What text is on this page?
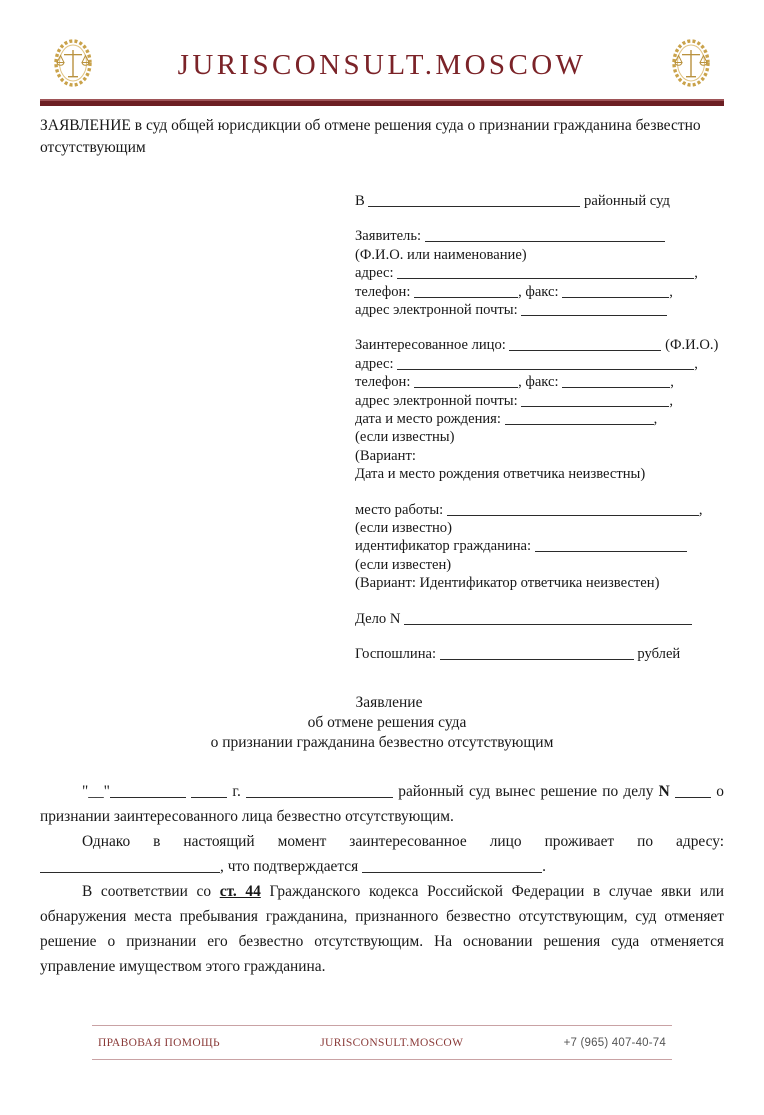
JURISCONSULT.MOSCOW
ЗАЯВЛЕНИЕ в суд общей юрисдикции об отмене решения суда о признании гражданина безвестно отсутствующим
В	районный суд
Заявитель:
(Ф.И.О. или наименование)
адрес:	,
телефон:	, факс:	,
адрес электронной почты:
Заинтересованное лицо:	(Ф.И.О.)
адрес:	,
телефон:	, факс:	,
адрес электронной почты:	,
дата и место рождения:	,
(если известны)
(Вариант:
Дата и место рождения ответчика неизвестны)
место работы:	,
(если известно)
идентификатор гражданина:
(если известен)
(Вариант: Идентификатор ответчика неизвестен)
Дело N
Госпошлина:	рублей
Заявление
об отмене решения суда
о признании гражданина безвестно отсутствующим

"__"	г.	районный суд вынес решение по делу N	о признании заинтересованного лица безвестно отсутствующим.

Однако в настоящий момент заинтересованное лицо проживает по адресу: , что подтверждается	.

В соответствии со ст. 44 Гражданского кодекса Российской Федерации в случае явки или обнаружения места пребывания гражданина, признанного безвестно отсутствующим, суд отменяет решение о признании его безвестно отсутствующим. На основании решения суда отменяется управление имуществом этого гражданина.

ПРАВОВАЯ ПОМОЩЬ	JURISCONSULT.MOSCOW	+7 (965) 407-40-74
